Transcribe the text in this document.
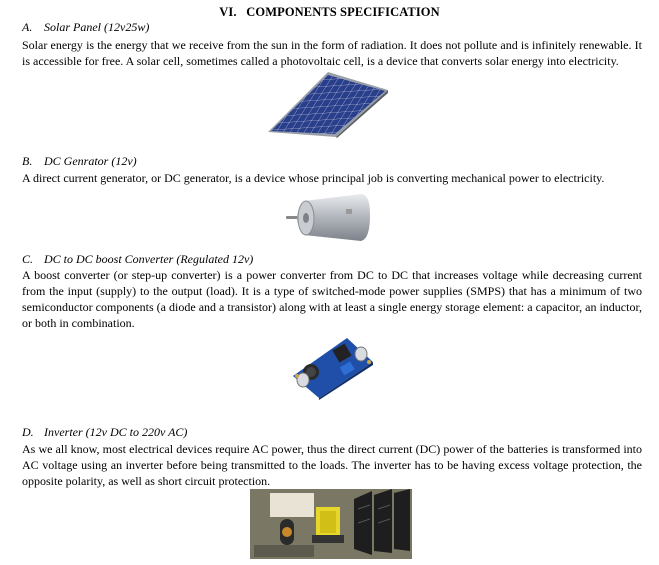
VI. COMPONENTS SPECIFICATION
A. Solar Panel (12v25w)
Solar energy is the energy that we receive from the sun in the form of radiation. It does not pollute and is infinitely renewable. It is accessible for free. A solar cell, sometimes called a photovoltaic cell, is a device that converts solar energy into electricity.
B. DC Genrator (12v)
A direct current generator, or DC generator, is a device whose principal job is converting mechanical power to electricity.
C. DC to DC boost Converter (Regulated 12v)
A boost converter (or step-up converter) is a power converter from DC to DC that increases voltage while decreasing current from the input (supply) to the output (load). It is a type of switched-mode power supplies (SMPS) that has a minimum of two semiconductor components (a diode and a transistor) along with at least a single energy storage element: a capacitor, an inductor, or both in combination.
D. Inverter (12v DC to 220v AC)
As we all know, most electrical devices require AC power, thus the direct current (DC) power of the batteries is transformed into AC voltage using an inverter before being transmitted to the loads. The inverter has to be having excess voltage protection, the opposite polarity, as well as short circuit protection.
